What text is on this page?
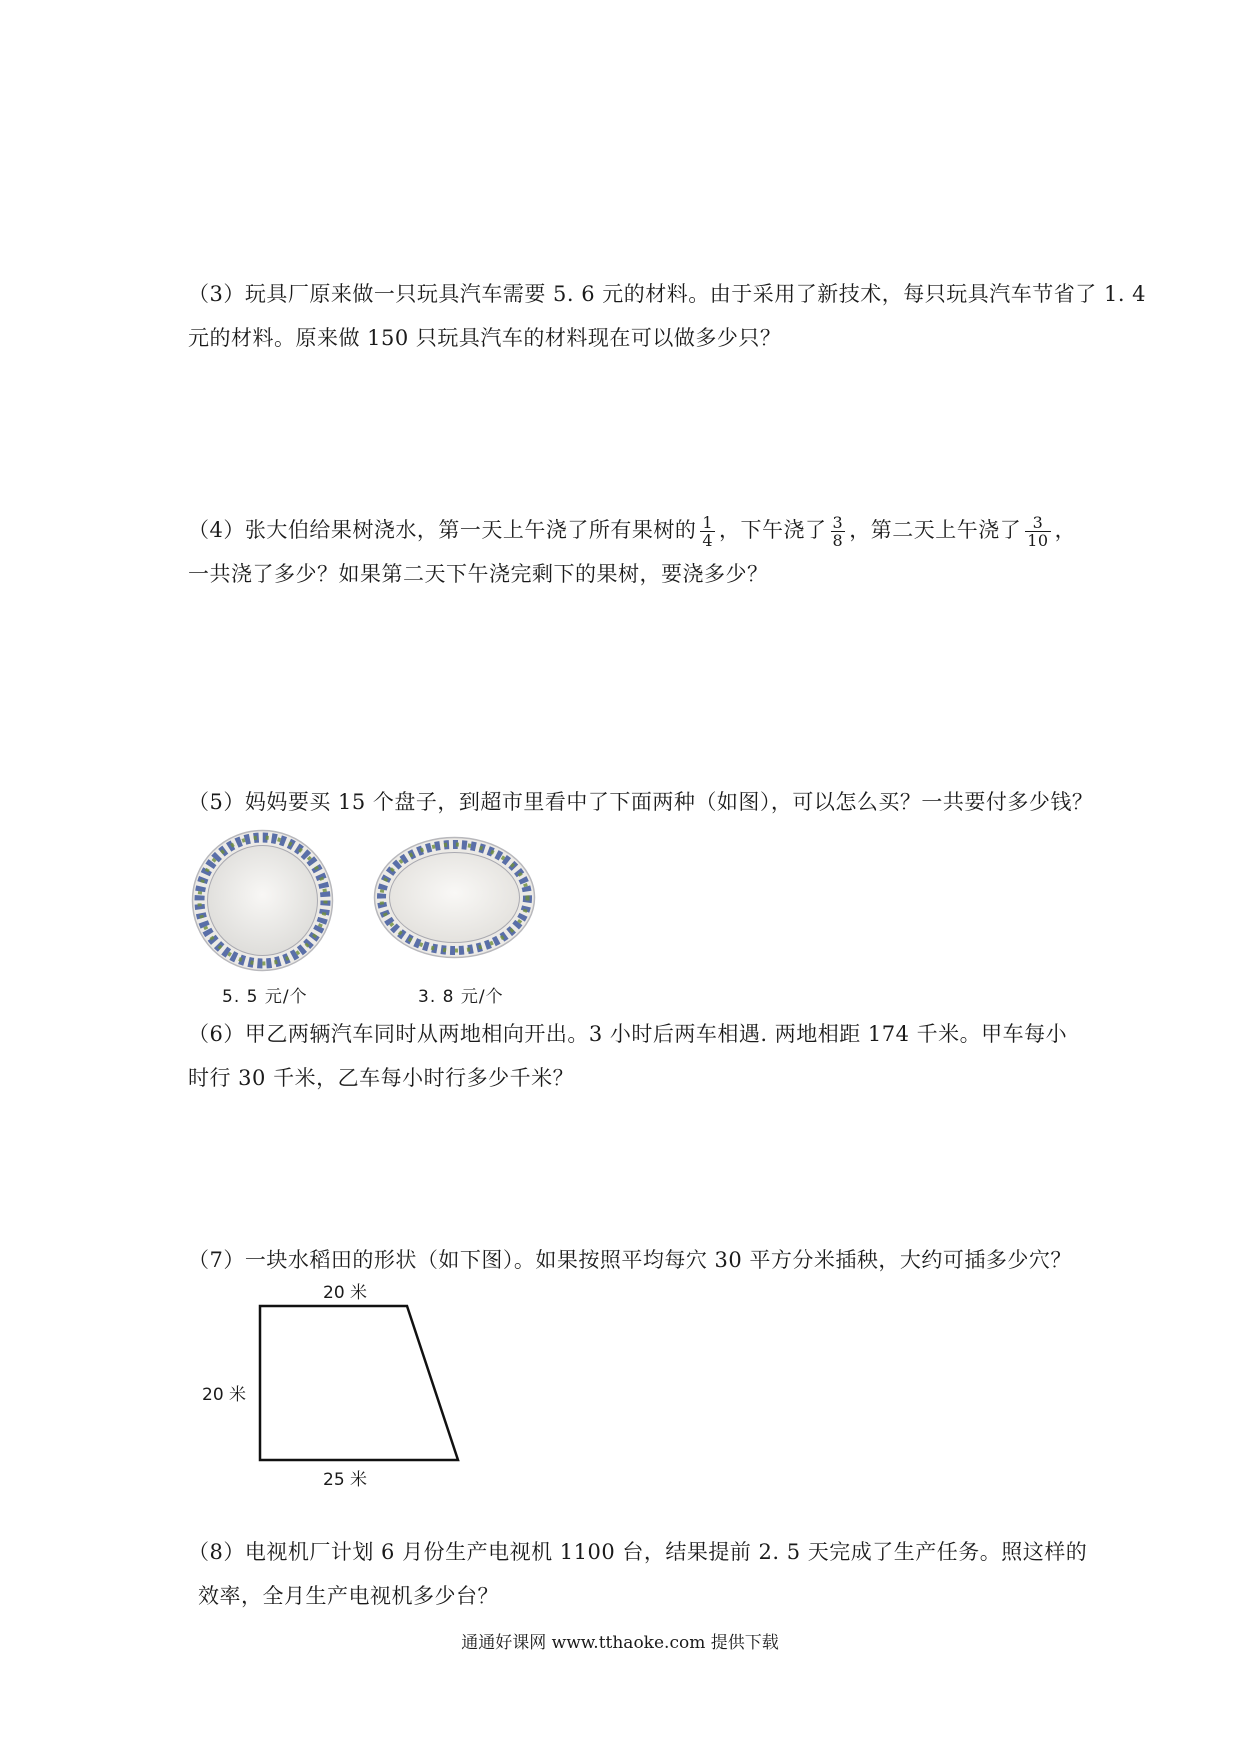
（3）玩具厂原来做一只玩具汽车需要 5. 6 元的材料。由于采用了新技术，每只玩具汽车节省了 1. 4
元的材料。原来做 150 只玩具汽车的材料现在可以做多少只？
（4）张大伯给果树浇水，第一天上午浇了所有果树的 $\frac{1}{4}$ ，下午浇了 $\frac{3}{8}$ ，第二天上午浇了 $\frac{3}{10}$ ，
一共浇了多少？如果第二天下午浇完剩下的果树，要浇多少？
（5）妈妈要买 15 个盘子，到超市里看中了下面两种（如图），可以怎么买？一共要付多少钱？
5. 5 元/个	3. 8 元/个
（6）甲乙两辆汽车同时从两地相向开出。3 小时后两车相遇. 两地相距 174 千米。甲车每小
时行 30 千米，乙车每小时行多少千米？
（7）一块水稻田的形状（如下图）。如果按照平均每穴 30 平方分米插秧，大约可插多少穴？
20 米
20 米
25 米
（8）电视机厂计划 6 月份生产电视机 1100 台，结果提前 2. 5 天完成了生产任务。照这样的
效率，全月生产电视机多少台？
通通好课网 www.tthaoke.com 提供下载
